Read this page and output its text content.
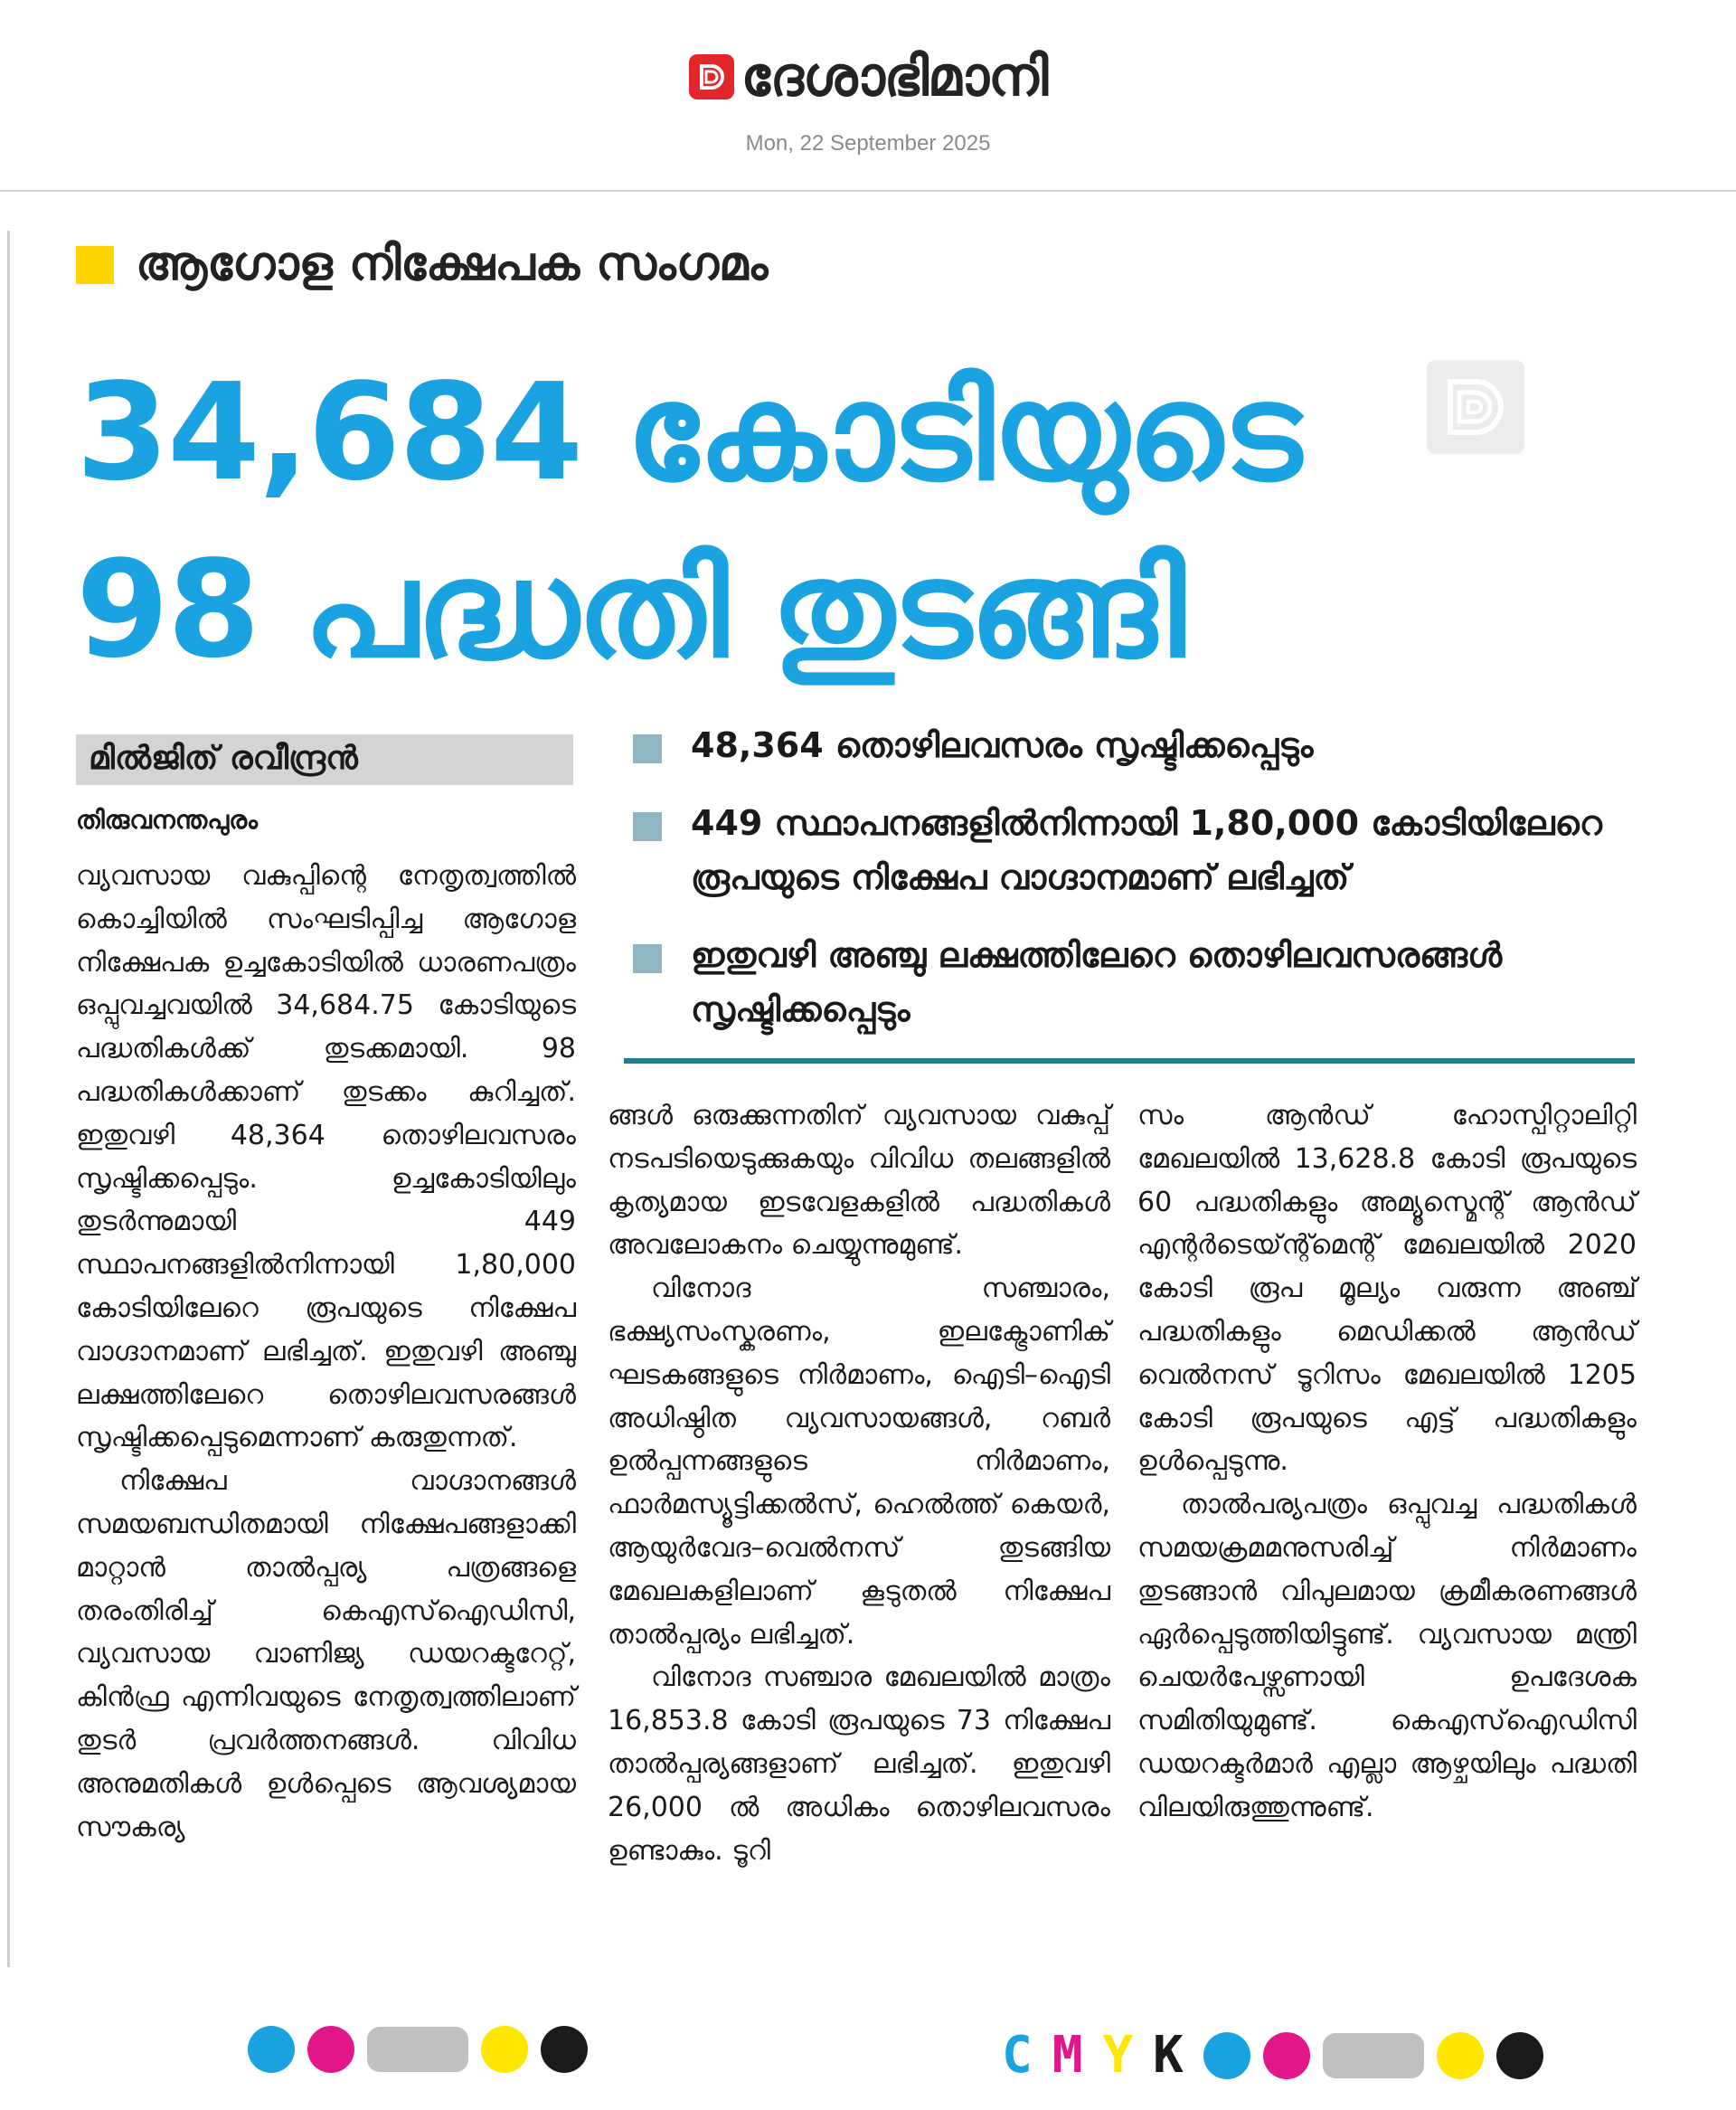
ദേശാഭിമാനി
Mon, 22 September 2025
ആഗോള നിക്ഷേപക സംഗമം
34,684 കോടിയുടെ
98 പദ്ധതി തുടങ്ങി
മിൽജിത് രവീന്ദ്രൻ
തിരുവനന്തപുരം
48,364 തൊഴിലവസരം സൃഷ്ടിക്കപ്പെടും
449 സ്ഥാപനങ്ങളിൽനിന്നായി 1,80,000 കോടിയിലേറെ രൂപയുടെ നിക്ഷേപ വാഗ്ദാനമാണ് ലഭിച്ചത്
ഇതുവഴി അഞ്ചു ലക്ഷത്തിലേറെ തൊഴിലവസരങ്ങൾ സൃഷ്ടിക്കപ്പെടും

വ്യവസായ വകുപ്പിന്റെ നേതൃത്വത്തിൽ കൊച്ചിയിൽ സംഘടിപ്പിച്ച ആഗോള നിക്ഷേപക ഉച്ചകോടിയിൽ ധാരണപത്രം ഒപ്പുവച്ചവയിൽ 34,684.75 കോടിയുടെ പദ്ധതികൾക്ക് തുടക്കമായി. 98 പദ്ധതികൾക്കാണ് തുടക്കം കുറിച്ചത്. ഇതുവഴി 48,364 തൊഴിലവസരം സൃഷ്ടിക്കപ്പെടും. ഉച്ചകോടിയിലും തുടർന്നുമായി 449 സ്ഥാപനങ്ങളിൽനിന്നായി 1,80,000 കോടിയിലേറെ രൂപയുടെ നിക്ഷേപ വാഗ്ദാനമാണ് ലഭിച്ചത്. ഇതുവഴി അഞ്ചു ലക്ഷത്തിലേറെ തൊഴിലവസരങ്ങൾ സൃഷ്ടിക്കപ്പെടുമെന്നാണ് കരുതുന്നത്.

നിക്ഷേപ വാഗ്ദാനങ്ങൾ സമയബന്ധിതമായി നിക്ഷേപങ്ങളാക്കി മാറ്റാൻ താൽപ്പര്യ പത്രങ്ങളെ തരംതിരിച്ച് കെഎസ്ഐഡിസി, വ്യവസായ വാണിജ്യ ഡയറക്ടറേറ്റ്, കിൻഫ്ര എന്നിവയുടെ നേതൃത്വത്തിലാണ് തുടർ പ്രവർത്തനങ്ങൾ. വിവിധ അനുമതികൾ ഉൾപ്പെടെ ആവശ്യമായ സൗകര്യ

ങ്ങൾ ഒരുക്കുന്നതിന് വ്യവസായ വകുപ്പ് നടപടിയെടുക്കുകയും വിവിധ തലങ്ങളിൽ കൃത്യമായ ഇടവേളകളിൽ പദ്ധതികൾ അവലോകനം ചെയ്യുന്നുമുണ്ട്.

വിനോദ സഞ്ചാരം, ഭക്ഷ്യസംസ്കരണം, ഇലക്ട്രോണിക് ഘടകങ്ങളുടെ നിർമാണം, ഐടി–ഐടി അധിഷ്ഠിത വ്യവസായങ്ങൾ, റബർ ഉൽപ്പന്നങ്ങളുടെ നിർമാണം, ഫാർമസ്യൂട്ടിക്കൽസ്, ഹെൽത്ത് കെയർ, ആയുർവേദ–വെൽനസ് തുടങ്ങിയ മേഖലകളിലാണ് കൂടുതൽ നിക്ഷേപ താൽപ്പര്യം ലഭിച്ചത്.

വിനോദ സഞ്ചാര മേഖലയിൽ മാത്രം 16,853.8 കോടി രൂപയുടെ 73 നിക്ഷേപ താൽപ്പര്യങ്ങളാണ് ലഭിച്ചത്. ഇതുവഴി 26,000 ൽ അധികം തൊഴിലവസരം ഉണ്ടാകും. ടൂറി

സം ആൻഡ് ഹോസ്പിറ്റാലിറ്റി മേഖലയിൽ 13,628.8 കോടി രൂപയുടെ 60 പദ്ധതികളും അമ്യൂസ്മെന്റ് ആൻഡ് എന്റർടെയ്ന്റ്മെന്റ് മേഖലയിൽ 2020 കോടി രൂപ മൂല്യം വരുന്ന അഞ്ച് പദ്ധതികളും മെഡിക്കൽ ആൻഡ് വെൽനസ് ടൂറിസം മേഖലയിൽ 1205 കോടി രൂപയുടെ എട്ട് പദ്ധതികളും ഉൾപ്പെടുന്നു.

താൽപര്യപത്രം ഒപ്പുവച്ച പദ്ധതികൾ സമയക്രമമനുസരിച്ച് നിർമാണം തുടങ്ങാൻ വിപുലമായ ക്രമീകരണങ്ങൾ ഏർപ്പെടുത്തിയിട്ടുണ്ട്. വ്യവസായ മന്ത്രി ചെയർപേഴ്സണായി ഉപദേശക സമിതിയുമുണ്ട്. കെഎസ്ഐഡിസി ഡയറക്ടർമാർ എല്ലാ ആഴ്ചയിലും പദ്ധതി വിലയിരുത്തുന്നുണ്ട്.

C M Y K
